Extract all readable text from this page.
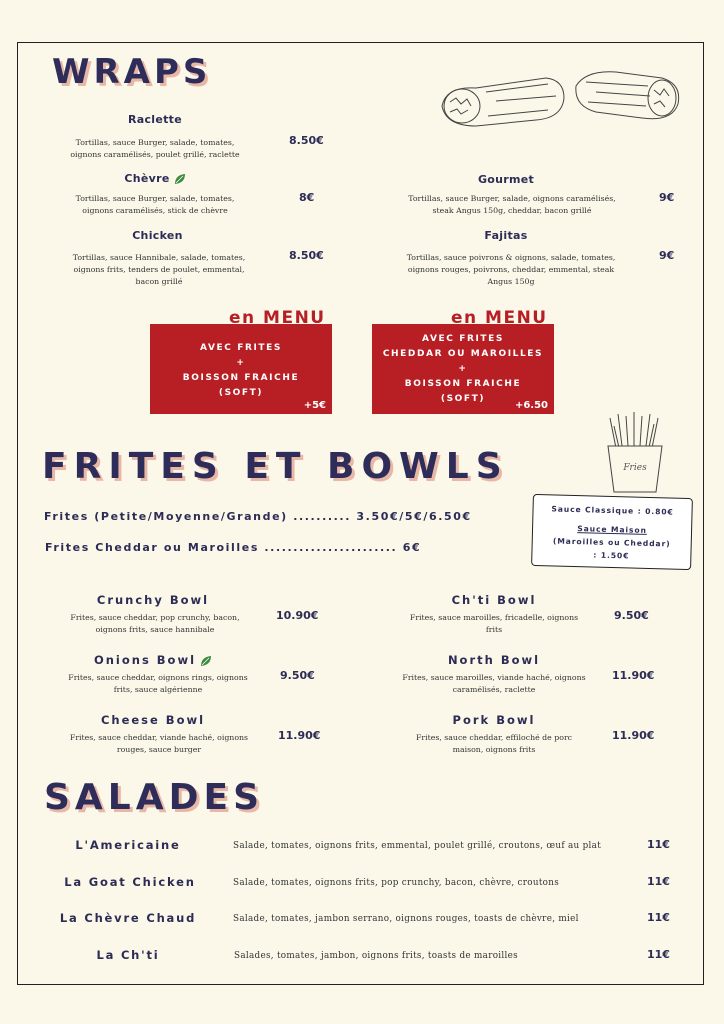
WRAPS
Raclette
Tortillas, sauce Burger, salade, tomates, oignons caramélisés, poulet grillé, raclette
8.50€
Chèvre
Tortillas, sauce Burger, salade, tomates, oignons caramélisés, stick de chèvre
8€
Chicken
Tortillas, sauce Hannibale, salade, tomates, oignons frits, tenders de poulet, emmental, bacon grillé
8.50€
Gourmet
Tortillas, sauce Burger, salade, oignons caramélisés, steak Angus 150g, cheddar, bacon grillé
9€
Fajitas
Tortillas, sauce poivrons & oignons, salade, tomates, oignons rouges, poivrons, cheddar, emmental, steak Angus 150g
9€
AVEC FRITES
+
BOISSON FRAICHE
(SOFT)
+5€
en MENU
AVEC FRITES
CHEDDAR OU MAROILLES
+
BOISSON FRAICHE
(SOFT)
+6.50
en MENU
FRITES ET BOWLS	Fries
Frites (Petite/Moyenne/Grande) .......... 3.50€/5€/6.50€
Frites Cheddar ou Maroilles ....................... 6€
Sauce Classique : 0.80€
Sauce Maison
(Maroilles ou Cheddar)
: 1.50€
Crunchy Bowl
Frites, sauce cheddar, pop crunchy, bacon, oignons frits, sauce hannibale
10.90€
Onions Bowl
Frites, sauce cheddar, oignons rings, oignons frits, sauce algérienne
9.50€
Cheese Bowl
Frites, sauce cheddar, viande haché, oignons rouges, sauce burger
11.90€
Ch'ti Bowl
Frites, sauce maroilles, fricadelle, oignons frits
9.50€
North Bowl
Frites, sauce maroilles, viande haché, oignons caramélisés, raclette
11.90€
Pork Bowl
Frites, sauce cheddar, effiloché de porc maison, oignons frits
11.90€
SALADES
L'Americaine	Salade, tomates, oignons frits, emmental, poulet grillé, croutons, œuf au plat	11€
La Goat Chicken	Salade, tomates, oignons frits, pop crunchy, bacon, chèvre, croutons	11€
La Chèvre Chaud	Salade, tomates, jambon serrano, oignons rouges, toasts de chèvre, miel	11€
La Ch'ti	Salades, tomates, jambon, oignons frits, toasts de maroilles	11€
